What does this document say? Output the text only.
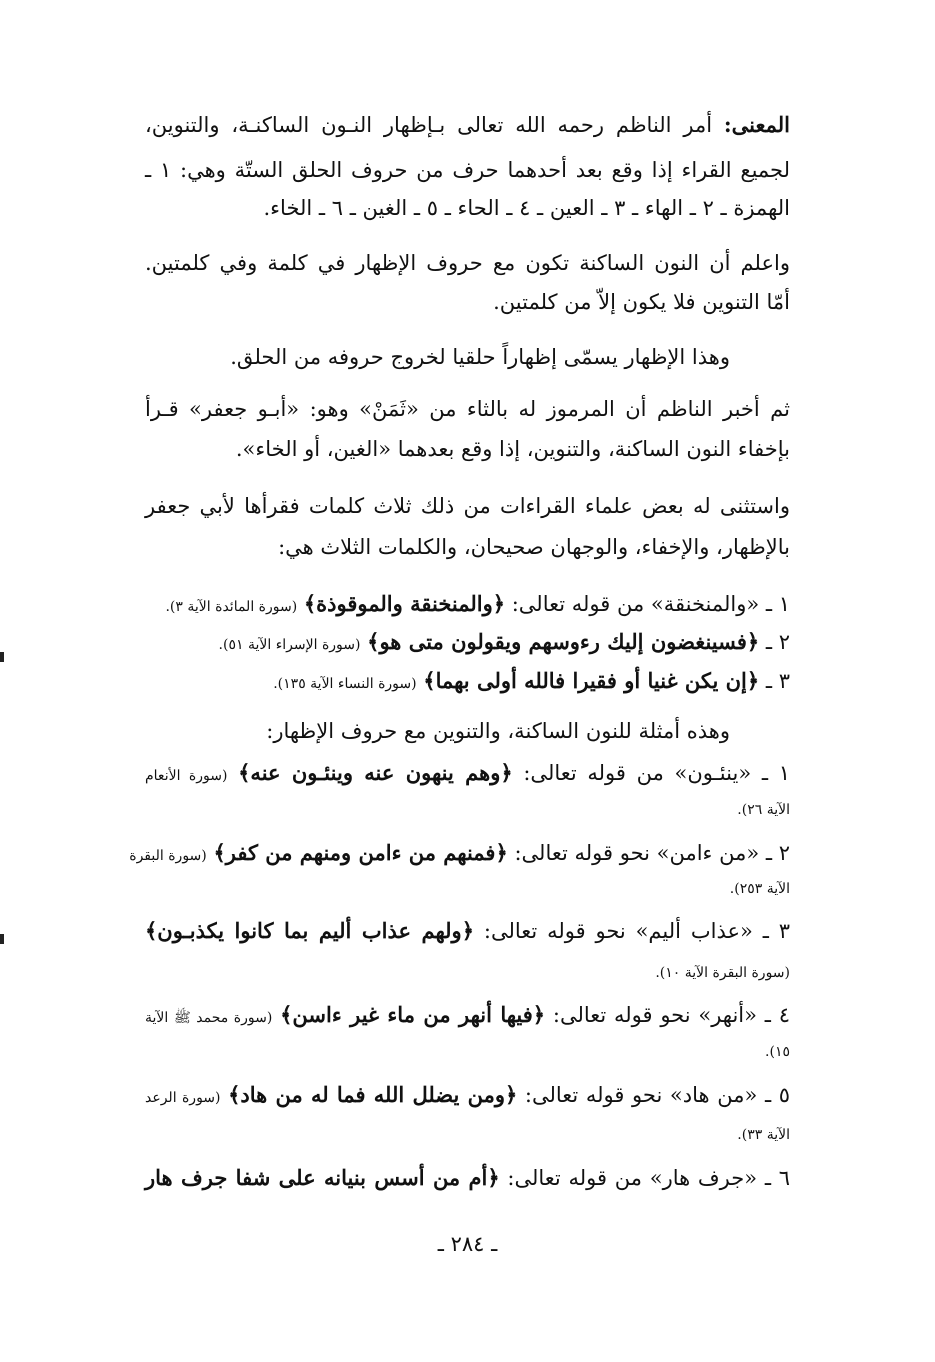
المعنى: أمر الناظم رحمه الله تعالى بـإظهار النـون الساكنـة، والتنوين،
لجميع القراء إذا وقع بعد أحدهما حرف من حروف الحلق الستّة وهي: ١ ـ
الهمزة ـ ٢ ـ الهاء ـ ٣ ـ العين ـ ٤ ـ الحاء ـ ٥ ـ الغين ـ ٦ ـ الخاء.
واعلم أن النون الساكنة تكون مع حروف الإظهار في كلمة وفي كلمتين.
أمّا التنوين فلا يكون إلاّ من كلمتين.
وهذا الإظهار يسمّى إظهاراً حلقيا لخروج حروفه من الحلق.
ثم أخبر الناظم أن المرموز له بالثاء من «ثَمَنْ» وهو: «أبـو جعفر» قـرأ
بإخفاء النون الساكنة، والتنوين، إذا وقع بعدهما «الغين، أو الخاء».
واستثنى له بعض علماء القراءات من ذلك ثلاث كلمات فقرأها لأبي جعفر
بالإظهار، والإخفاء، والوجهان صحيحان، والكلمات الثلاث هي:
١ ـ «والمنخنقة» من قوله تعالى: ﴿والمنخنقة والموقوذة﴾ (سورة المائدة الآية ٣).
٢ ـ ﴿فسينغضون إليك رءوسهم ويقولون متى هو﴾ (سورة الإسراء الآية ٥١).
٣ ـ ﴿إن يكن غنيا أو فقيرا فالله أولى بهما﴾ (سورة النساء الآية ١٣٥).
وهذه أمثلة للنون الساكنة، والتنوين مع حروف الإظهار:
١ ـ «ينئـون» من قوله تعالى: ﴿وهم ينهون عنه وينئـون عنه﴾ (سورة الأنعام
الآية ٢٦).
٢ ـ «من ءامن» نحو قوله تعالى: ﴿فمنهم من ءامن ومنهم من كفر﴾ (سورة البقرة
الآية ٢٥٣).
٣ ـ «عذاب أليم» نحو قوله تعالى: ﴿ولهم عذاب أليم بما كانوا يكذبـون﴾
(سورة البقرة الآية ١٠).
٤ ـ «أنهر» نحو قوله تعالى: ﴿فيها أنهر من ماء غير ءاسن﴾ (سورة محمد ﷺ الآية
١٥).
٥ ـ «من هاد» نحو قوله تعالى: ﴿ومن يضلل الله فما له من هاد﴾ (سورة الرعد
الآية ٣٣).
٦ ـ «جرف هار» من قوله تعالى: ﴿أم من أسس بنيانه على شفا جرف هار
ـ ٢٨٤ ـ
